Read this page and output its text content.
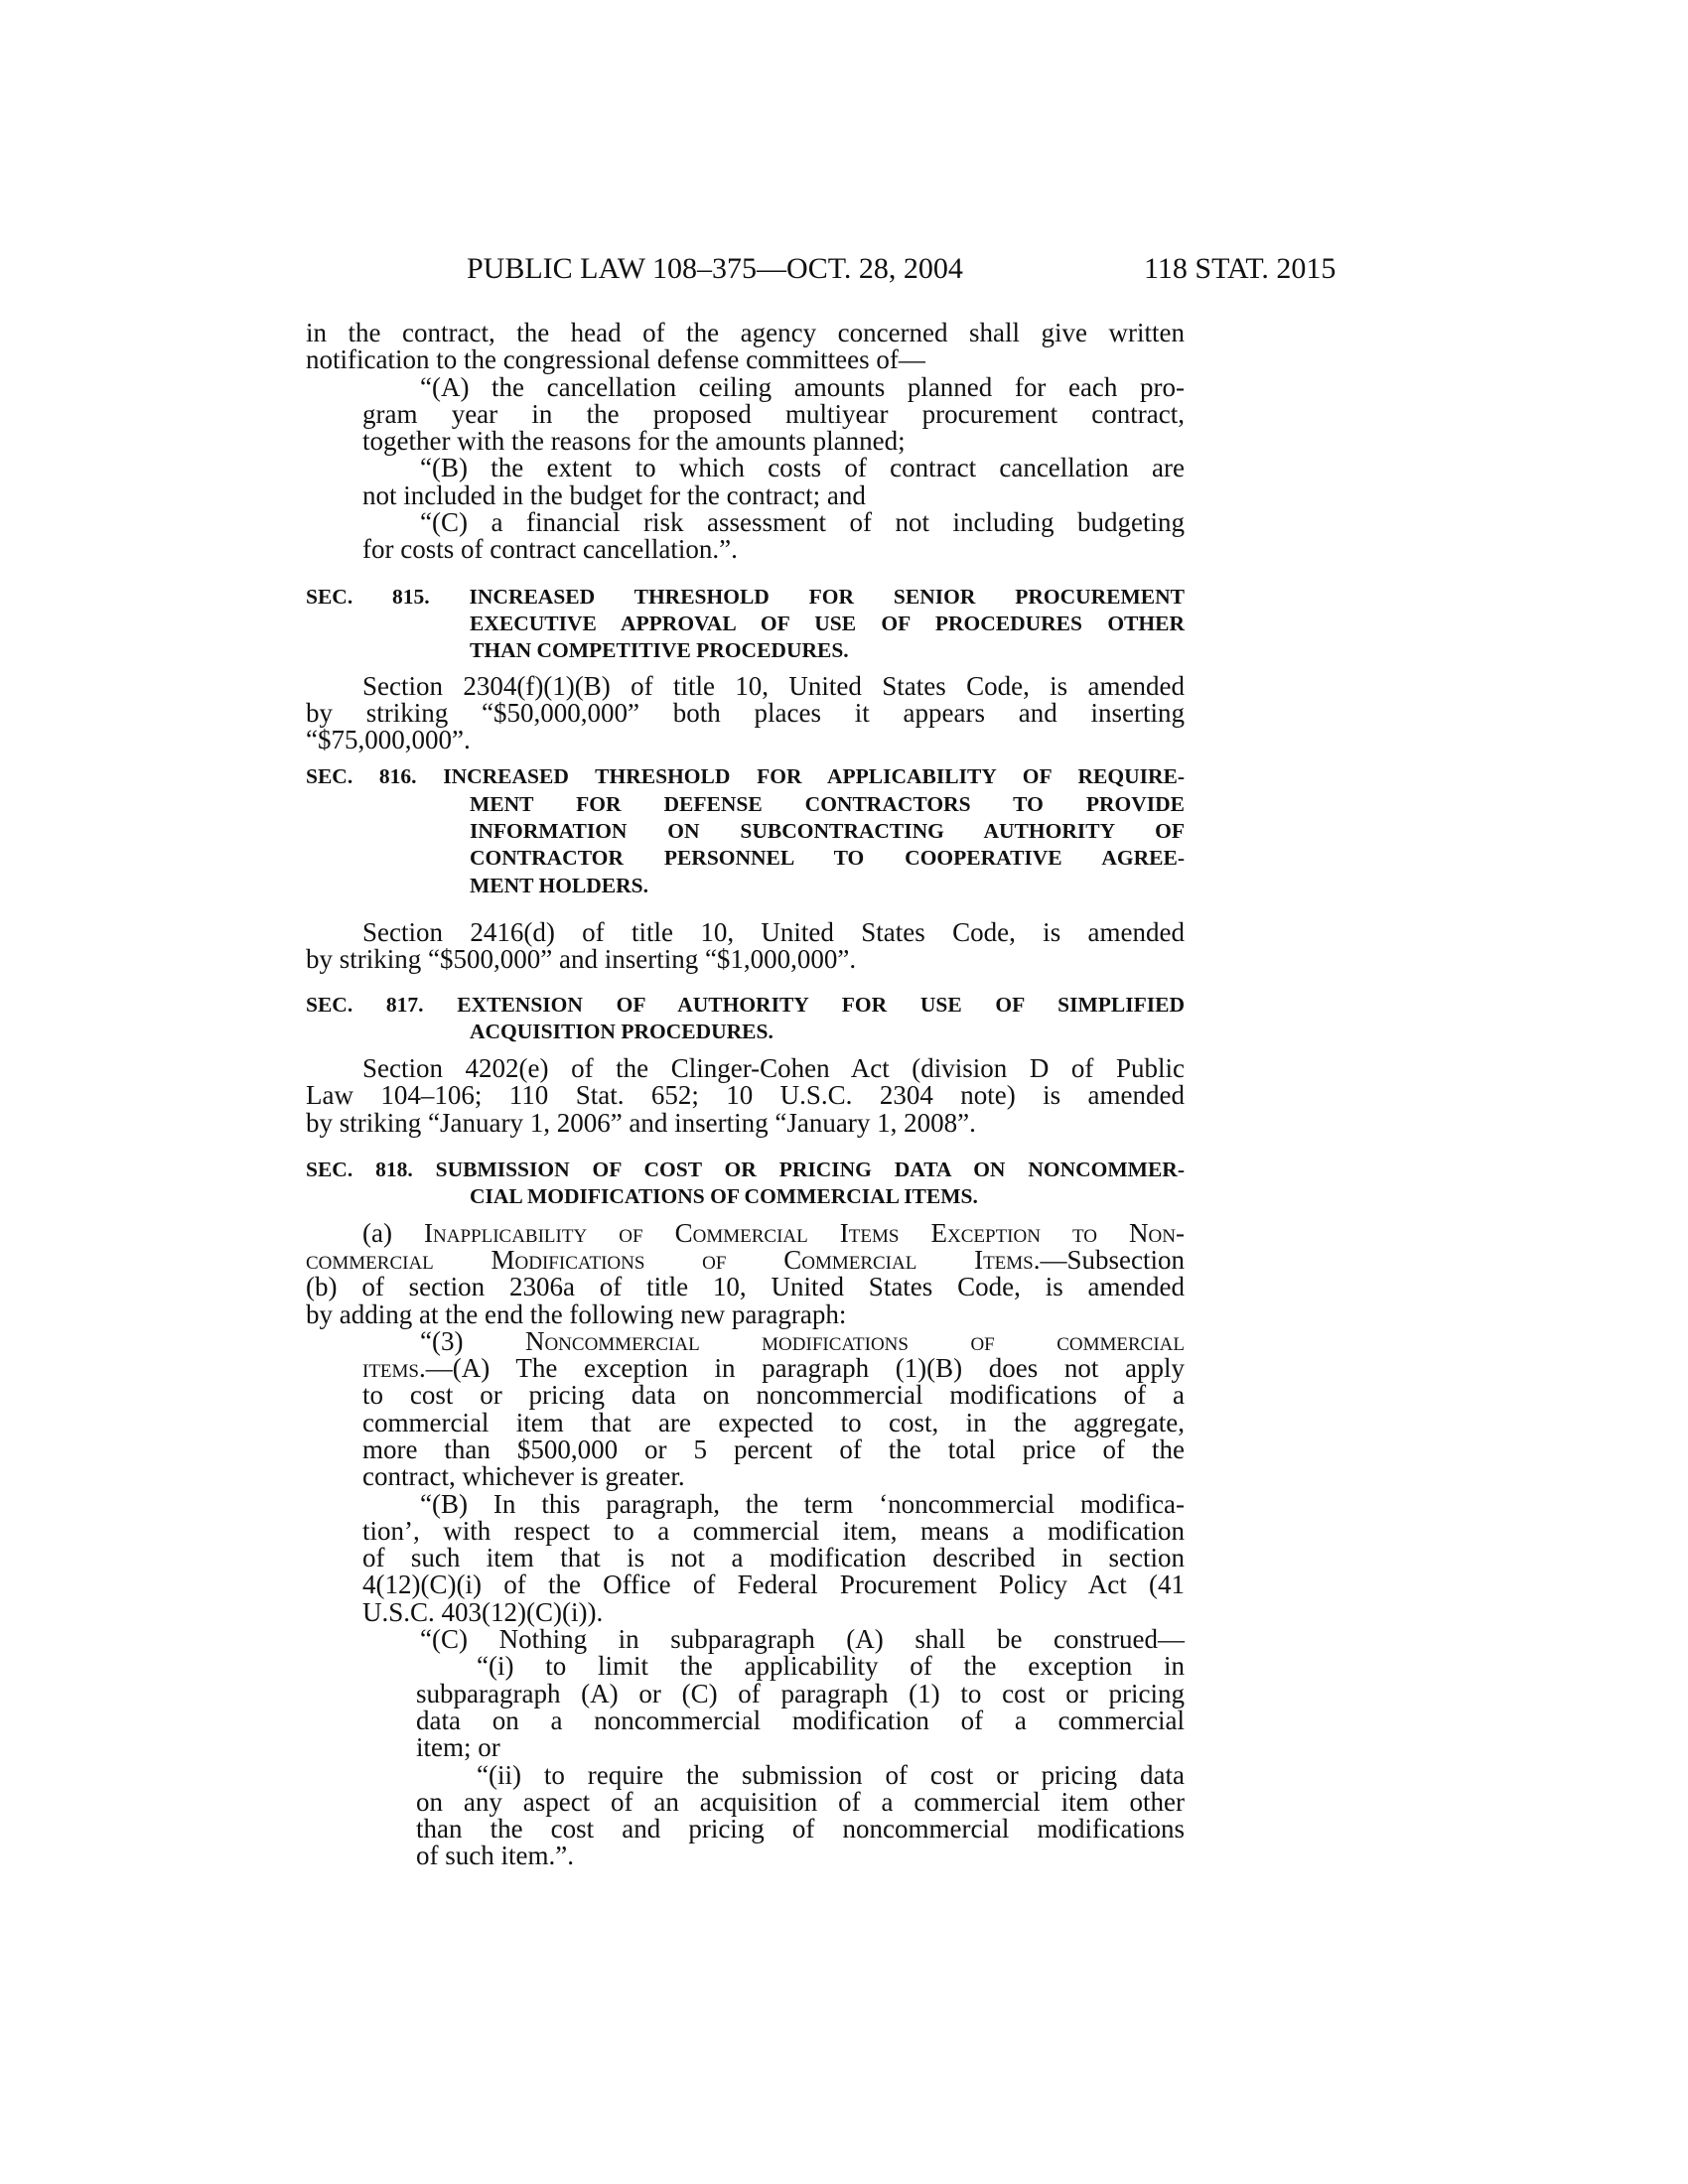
PUBLIC LAW 108–375—OCT. 28, 2004	118 STAT. 2015
in the contract, the head of the agency concerned shall give written
notification to the congressional defense committees of—
“(A) the cancellation ceiling amounts planned for each pro-
gram year in the proposed multiyear procurement contract,
together with the reasons for the amounts planned;
“(B) the extent to which costs of contract cancellation are
not included in the budget for the contract; and
“(C) a financial risk assessment of not including budgeting
for costs of contract cancellation.”.
SEC. 815. INCREASED THRESHOLD FOR SENIOR PROCUREMENT
EXECUTIVE APPROVAL OF USE OF PROCEDURES OTHER
THAN COMPETITIVE PROCEDURES.
Section 2304(f)(1)(B) of title 10, United States Code, is amended
by striking “$50,000,000” both places it appears and inserting
“$75,000,000”.
SEC. 816. INCREASED THRESHOLD FOR APPLICABILITY OF REQUIRE-
MENT FOR DEFENSE CONTRACTORS TO PROVIDE
INFORMATION ON SUBCONTRACTING AUTHORITY OF
CONTRACTOR PERSONNEL TO COOPERATIVE AGREE-
MENT HOLDERS.
Section 2416(d) of title 10, United States Code, is amended
by striking “$500,000” and inserting “$1,000,000”.
SEC. 817. EXTENSION OF AUTHORITY FOR USE OF SIMPLIFIED
ACQUISITION PROCEDURES.
Section 4202(e) of the Clinger-Cohen Act (division D of Public
Law 104–106; 110 Stat. 652; 10 U.S.C. 2304 note) is amended
by striking “January 1, 2006” and inserting “January 1, 2008”.
SEC. 818. SUBMISSION OF COST OR PRICING DATA ON NONCOMMER-
CIAL MODIFICATIONS OF COMMERCIAL ITEMS.
(a) Inapplicability of Commercial Items Exception to Non-
commercial Modifications of Commercial Items.—Subsection
(b) of section 2306a of title 10, United States Code, is amended
by adding at the end the following new paragraph:
“(3) Noncommercial modifications of commercial
items.—(A) The exception in paragraph (1)(B) does not apply
to cost or pricing data on noncommercial modifications of a
commercial item that are expected to cost, in the aggregate,
more than $500,000 or 5 percent of the total price of the
contract, whichever is greater.
“(B) In this paragraph, the term ‘noncommercial modifica-
tion’, with respect to a commercial item, means a modification
of such item that is not a modification described in section
4(12)(C)(i) of the Office of Federal Procurement Policy Act (41
U.S.C. 403(12)(C)(i)).
“(C) Nothing in subparagraph (A) shall be construed—
“(i) to limit the applicability of the exception in
subparagraph (A) or (C) of paragraph (1) to cost or pricing
data on a noncommercial modification of a commercial
item; or
“(ii) to require the submission of cost or pricing data
on any aspect of an acquisition of a commercial item other
than the cost and pricing of noncommercial modifications
of such item.”.
